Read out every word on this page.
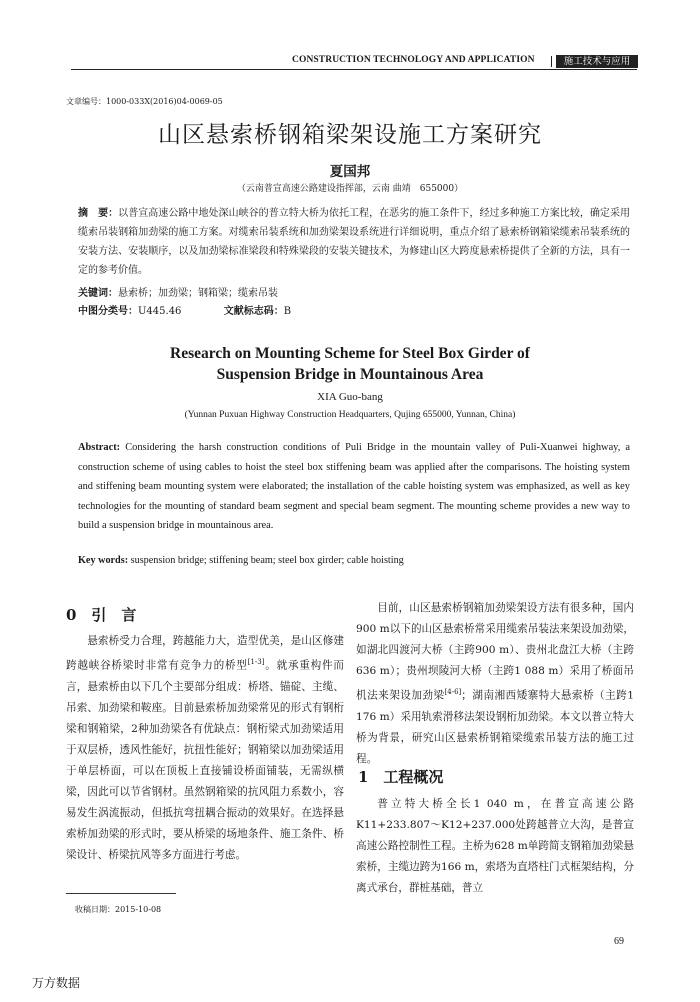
CONSTRUCTION TECHNOLOGY AND APPLICATION	施工技术与应用
文章编号：1000-033X(2016)04-0069-05
山区悬索桥钢箱梁架设施工方案研究
夏国邦
（云南普宣高速公路建设指挥部，云南 曲靖　655000）

摘　要：以普宣高速公路中地处深山峡谷的普立特大桥为依托工程，在恶劣的施工条件下，经过多种施工方案比较，确定采用缆索吊装钢箱加劲梁的施工方案。对缆索吊装系统和加劲梁架设系统进行详细说明，重点介绍了悬索桥钢箱梁缆索吊装系统的安装方法、安装顺序，以及加劲梁标准梁段和特殊梁段的安装关键技术，为修建山区大跨度悬索桥提供了全新的方法，具有一定的参考价值。

关键词：悬索桥；加劲梁；钢箱梁；缆索吊装
中图分类号：U445.46	文献标志码：B
Research on Mounting Scheme for Steel Box Girder of
Suspension Bridge in Mountainous Area
XIA Guo-bang
(Yunnan Puxuan Highway Construction Headquarters, Qujing 655000, Yunnan, China)

Abstract: Considering the harsh construction conditions of Puli Bridge in the mountain valley of Puli-Xuanwei highway, a construction scheme of using cables to hoist the steel box stiffening beam was applied after the comparisons. The hoisting system and stiffening beam mounting system were elaborated; the installation of the cable hoisting system was emphasized, as well as key technologies for the mounting of standard beam segment and special beam segment. The mounting scheme provides a new way to build a suspension bridge in mountainous area.

Key words: suspension bridge; stiffening beam; steel box girder; cable hoisting
0　引　言

悬索桥受力合理，跨越能力大，造型优美，是山区修建跨越峡谷桥梁时非常有竞争力的桥型[1-3]。就承重构件而言，悬索桥由以下几个主要部分组成：桥塔、锚碇、主缆、吊索、加劲梁和鞍座。目前悬索桥加劲梁常见的形式有钢桁梁和钢箱梁，2种加劲梁各有优缺点：钢桁梁式加劲梁适用于双层桥，透风性能好，抗扭性能好；钢箱梁以加劲梁适用于单层桥面，可以在顶板上直接铺设桥面铺装，无需纵横梁，因此可以节省钢材。虽然钢箱梁的抗风阻力系数小，容易发生涡流振动，但抵抗弯扭耦合振动的效果好。在选择悬索桥加劲梁的形式时，要从桥梁的场地条件、施工条件、桥梁设计、桥梁抗风等多方面进行考虑。

目前，山区悬索桥钢箱加劲梁架设方法有很多种，国内900 m以下的山区悬索桥常采用缆索吊装法来架设加劲梁，如湖北四渡河大桥（主跨900 m）、贵州北盘江大桥（主跨636 m）；贵州坝陵河大桥（主跨1 088 m）采用了桥面吊机法来架设加劲梁[4-6]；湖南湘西矮寨特大悬索桥（主跨1 176 m）采用轨索滑移法架设钢桁加劲梁。本文以普立特大桥为背景，研究山区悬索桥钢箱梁缆索吊装方法的施工过程。

1　工程概况

普立特大桥全长1 040 m，在普宣高速公路K11+233.807～K12+237.000处跨越普立大沟，是普宣高速公路控制性工程。主桥为628 m单跨简支钢箱加劲梁悬索桥，主缆边跨为166 m，索塔为直塔柱门式框架结构，分离式承台，群桩基础，普立

收稿日期：2015-10-08
69
万方数据
